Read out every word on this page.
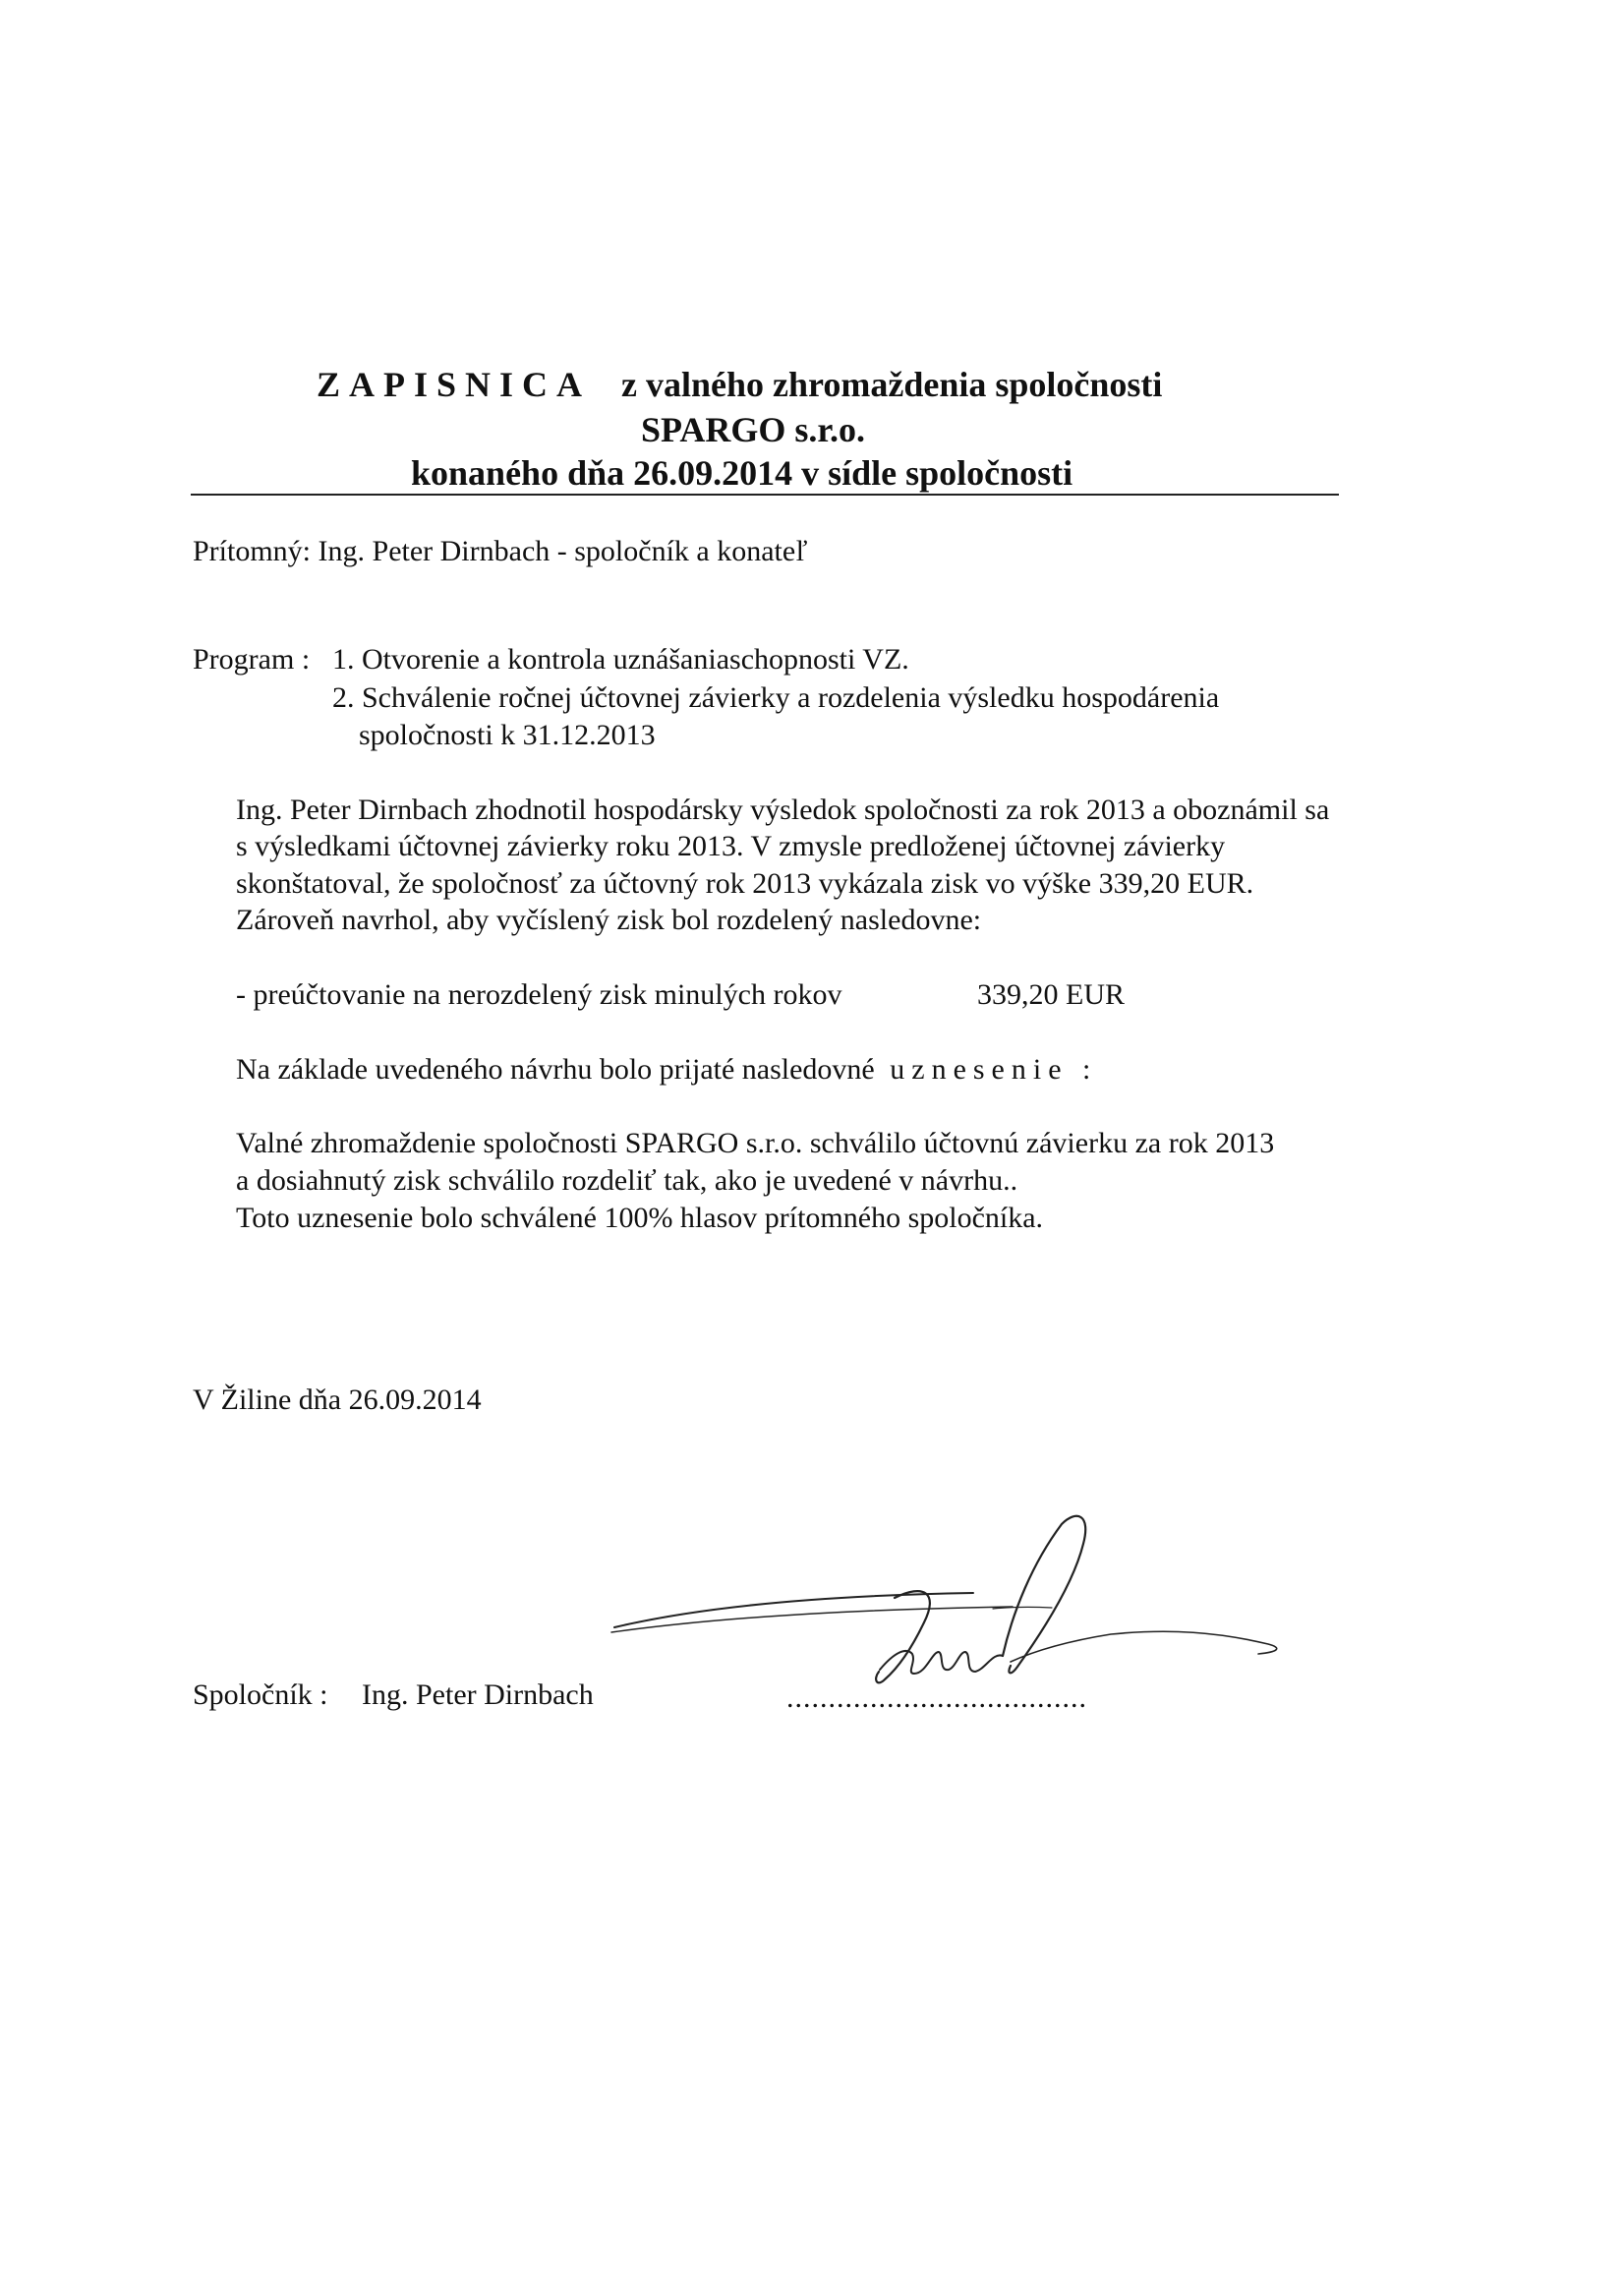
ZAPISNICA z valného zhromaždenia spoločnosti
SPARGO s.r.o.
konaného dňa 26.09.2014 v sídle spoločnosti
Prítomný: Ing. Peter Dirnbach - spoločník a konateľ
Program : 1. Otvorenie a kontrola uznášaniaschopnosti VZ.
2. Schválenie ročnej účtovnej závierky a rozdelenia výsledku hospodárenia
spoločnosti k 31.12.2013
Ing. Peter Dirnbach zhodnotil hospodársky výsledok spoločnosti za rok 2013 a oboznámil sa
s výsledkami účtovnej závierky roku 2013. V zmysle predloženej účtovnej závierky
skonštatoval, že spoločnosť za účtovný rok 2013 vykázala zisk vo výške 339,20 EUR.
Zároveň navrhol, aby vyčíslený zisk bol rozdelený nasledovne:
- preúčtovanie na nerozdelený zisk minulých rokov	339,20 EUR
Na základe uvedeného návrhu bolo prijaté nasledovné uznesenie :
Valné zhromaždenie spoločnosti SPARGO s.r.o. schválilo účtovnú závierku za rok 2013
a dosiahnutý zisk schválilo rozdeliť tak, ako je uvedené v návrhu..
Toto uznesenie bolo schválené 100% hlasov prítomného spoločníka.
V Žiline dňa 26.09.2014
Spoločník : Ing. Peter Dirnbach	....................................
